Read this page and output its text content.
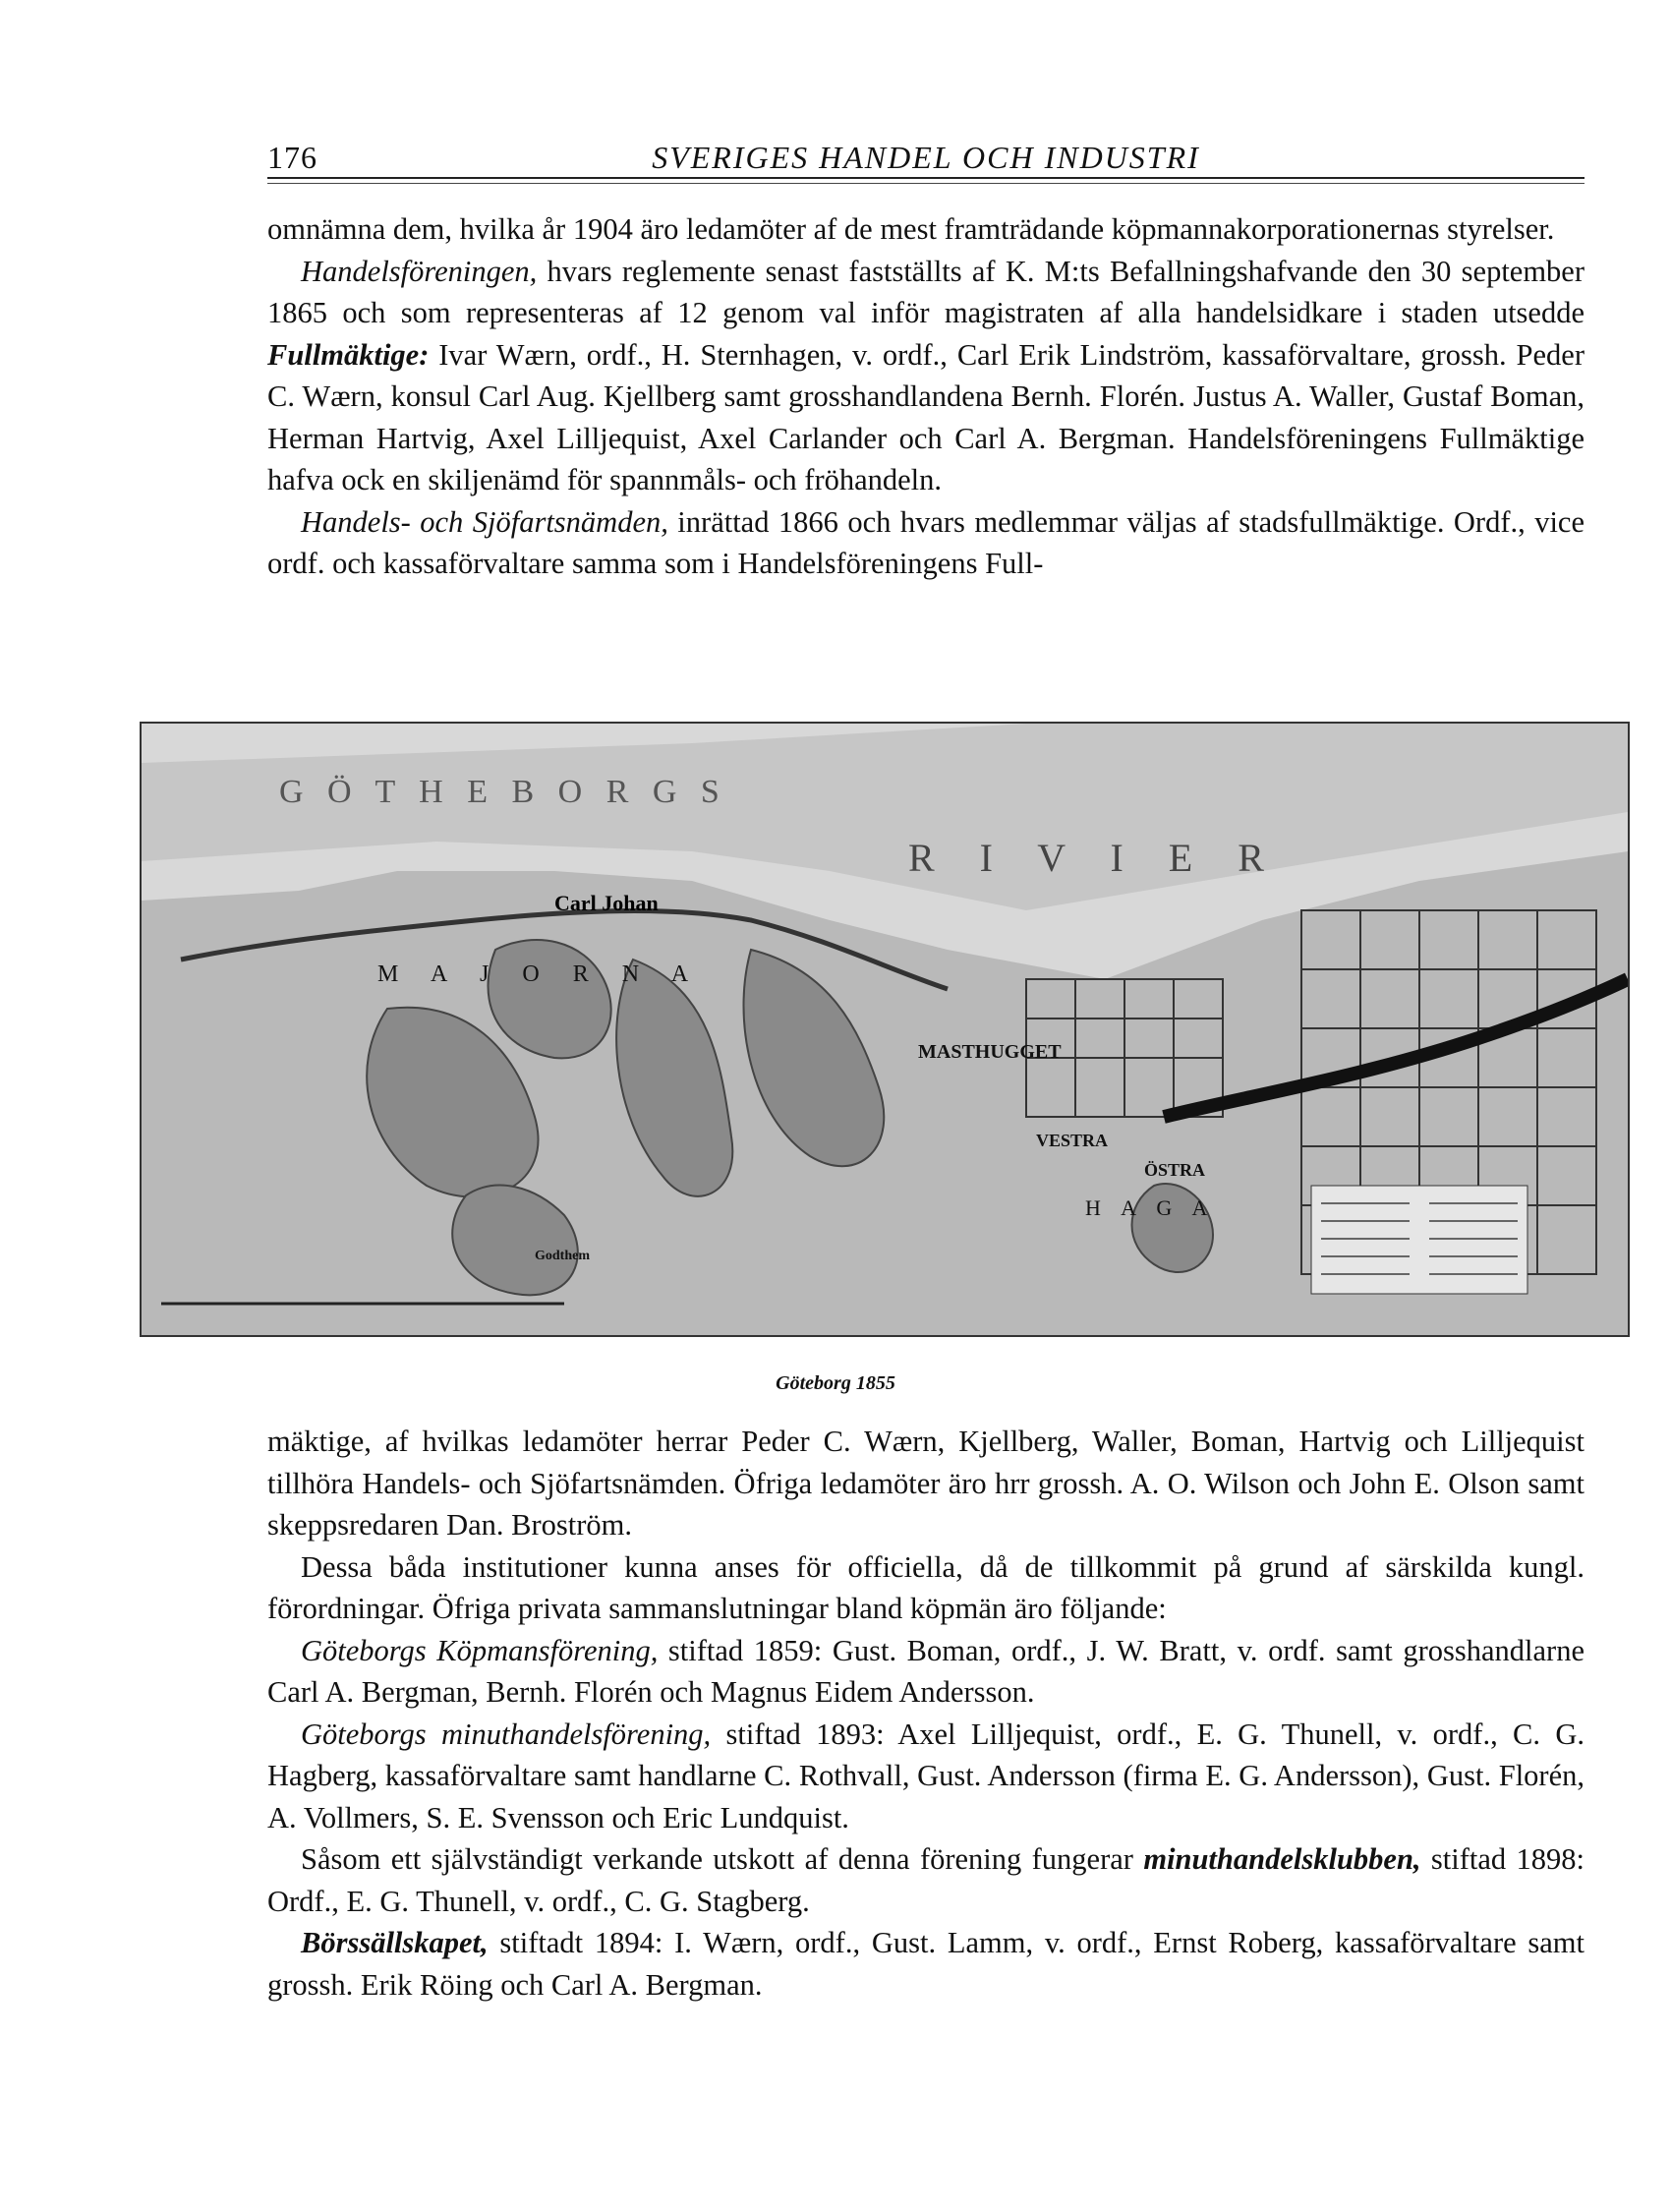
176	SVERIGES HANDEL OCH INDUSTRI

omnämna dem, hvilka år 1904 äro ledamöter af de mest framträdande köpmannakorporationernas styrelser.

Handelsföreningen, hvars reglemente senast fastställts af K. M:ts Befallningshafvande den 30 september 1865 och som representeras af 12 genom val inför magistraten af alla handelsidkare i staden utsedde Fullmäktige: Ivar Wærn, ordf., H. Sternhagen, v. ordf., Carl Erik Lindström, kassaförvaltare, grossh. Peder C. Wærn, konsul Carl Aug. Kjellberg samt grosshandlandena Bernh. Florén. Justus A. Waller, Gustaf Boman, Herman Hartvig, Axel Lilljequist, Axel Carlander och Carl A. Bergman. Handelsföreningens Fullmäktige hafva ock en skiljenämd för spannmåls- och fröhandeln.

Handels- och Sjöfartsnämden, inrättad 1866 och hvars medlemmar väljas af stadsfullmäktige. Ordf., vice ordf. och kassaförvaltare samma som i Handelsföreningens Full-

G Ö T H E B O R G S
R I V I E R
Carl Johan
M A J O R N A
MASTHUGGET
VESTRA
ÖSTRA
H A G A
Godthem
Göteborg 1855

mäktige, af hvilkas ledamöter herrar Peder C. Wærn, Kjellberg, Waller, Boman, Hartvig och Lilljequist tillhöra Handels- och Sjöfartsnämden. Öfriga ledamöter äro hrr grossh. A. O. Wilson och John E. Olson samt skeppsredaren Dan. Broström.

Dessa båda institutioner kunna anses för officiella, då de tillkommit på grund af särskilda kungl. förordningar. Öfriga privata sammanslutningar bland köpmän äro följande:

Göteborgs Köpmansförening, stiftad 1859: Gust. Boman, ordf., J. W. Bratt, v. ordf. samt grosshandlarne Carl A. Bergman, Bernh. Florén och Magnus Eidem Andersson.

Göteborgs minuthandelsförening, stiftad 1893: Axel Lilljequist, ordf., E. G. Thunell, v. ordf., C. G. Hagberg, kassaförvaltare samt handlarne C. Rothvall, Gust. Andersson (firma E. G. Andersson), Gust. Florén, A. Vollmers, S. E. Svensson och Eric Lundquist.

Såsom ett självständigt verkande utskott af denna förening fungerar minuthandelsklubben, stiftad 1898: Ordf., E. G. Thunell, v. ordf., C. G. Stagberg.

Börssällskapet, stiftadt 1894: I. Wærn, ordf., Gust. Lamm, v. ordf., Ernst Roberg, kassaförvaltare samt grossh. Erik Röing och Carl A. Bergman.
